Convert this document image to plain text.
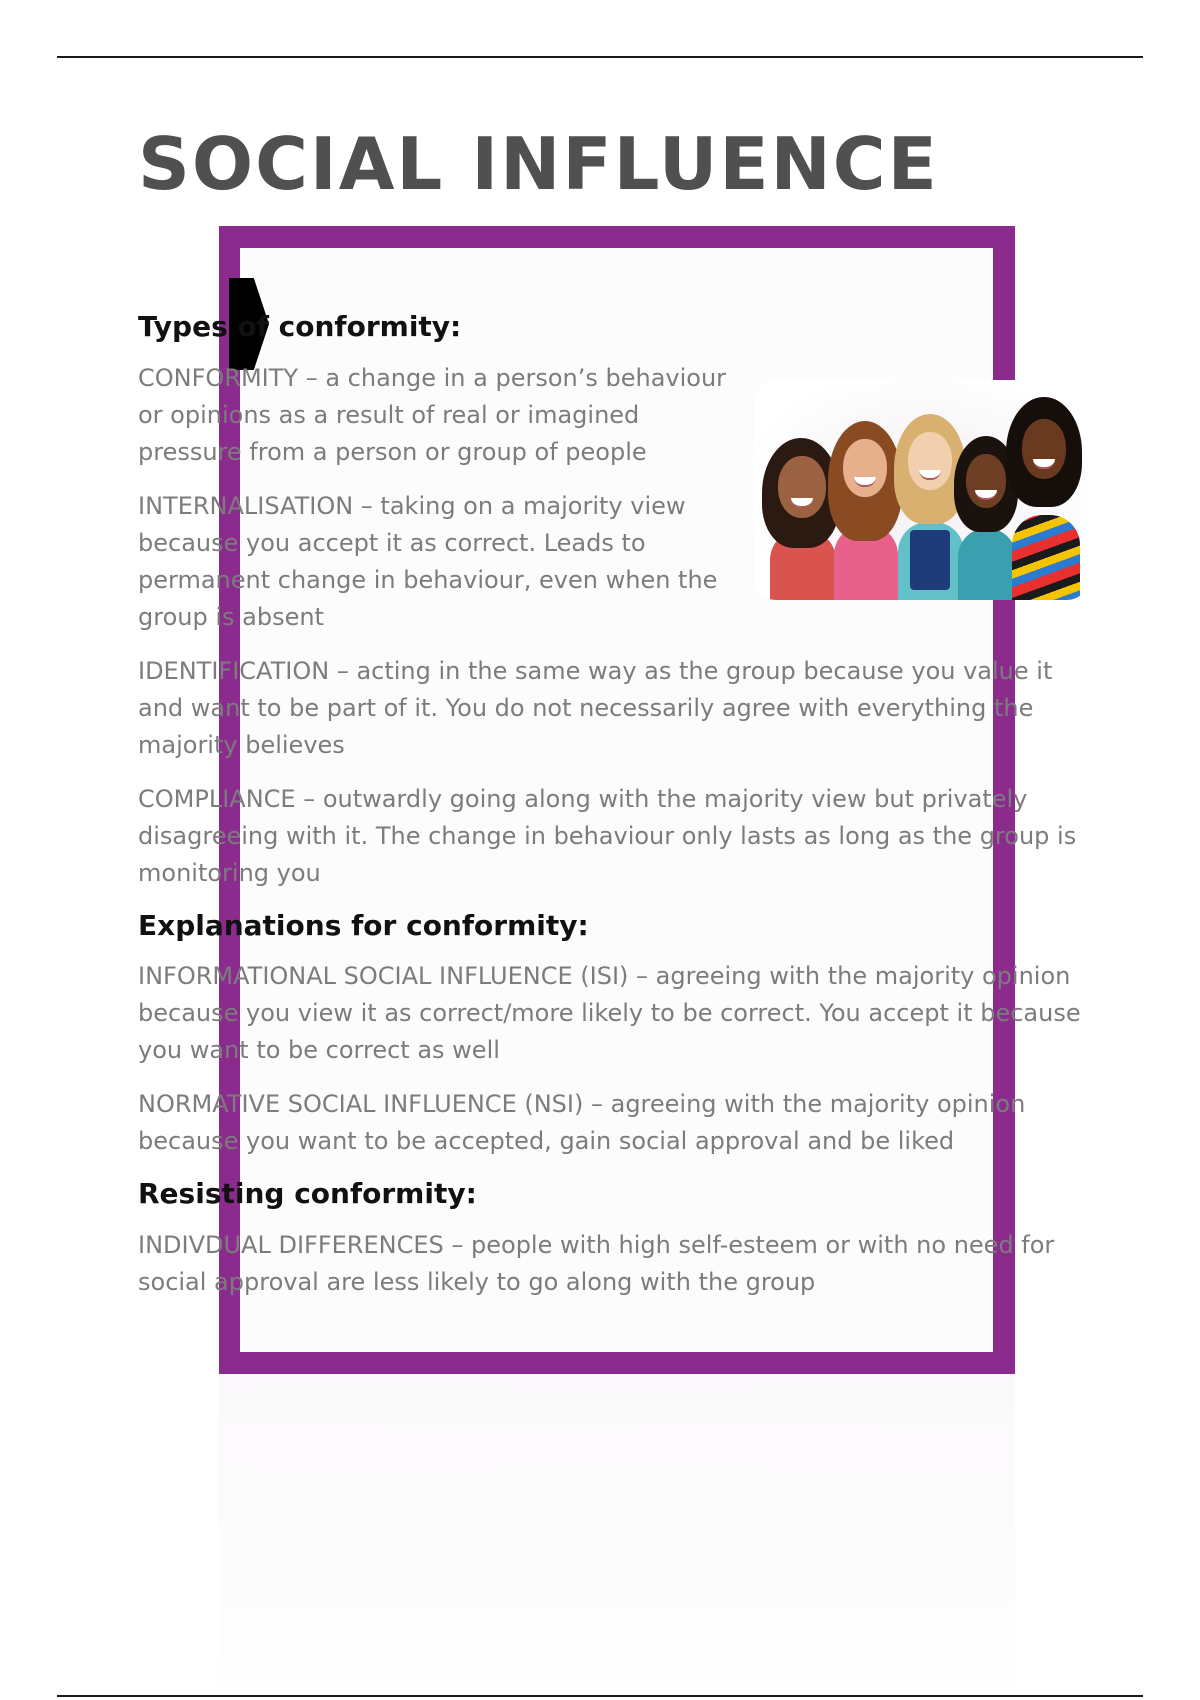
SOCIAL INFLUENCE
Types of conformity:

CONFORMITY – a change in a person’s behaviour or opinions as a result of real or imagined pressure from a person or group of people

INTERNALISATION – taking on a majority view because you accept it as correct. Leads to permanent change in behaviour, even when the group is absent

IDENTIFICATION – acting in the same way as the group because you value it and want to be part of it. You do not necessarily agree with everything the majority believes

COMPLIANCE – outwardly going along with the majority view but privately disagreeing with it. The change in behaviour only lasts as long as the group is monitoring you

Explanations for conformity:

INFORMATIONAL SOCIAL INFLUENCE (ISI) – agreeing with the majority opinion because you view it as correct/more likely to be correct. You accept it because you want to be correct as well

NORMATIVE SOCIAL INFLUENCE (NSI) – agreeing with the majority opinion because you want to be accepted, gain social approval and be liked

Resisting conformity:

INDIVDUAL DIFFERENCES – people with high self-esteem or with no need for social approval are less likely to go along with the group
